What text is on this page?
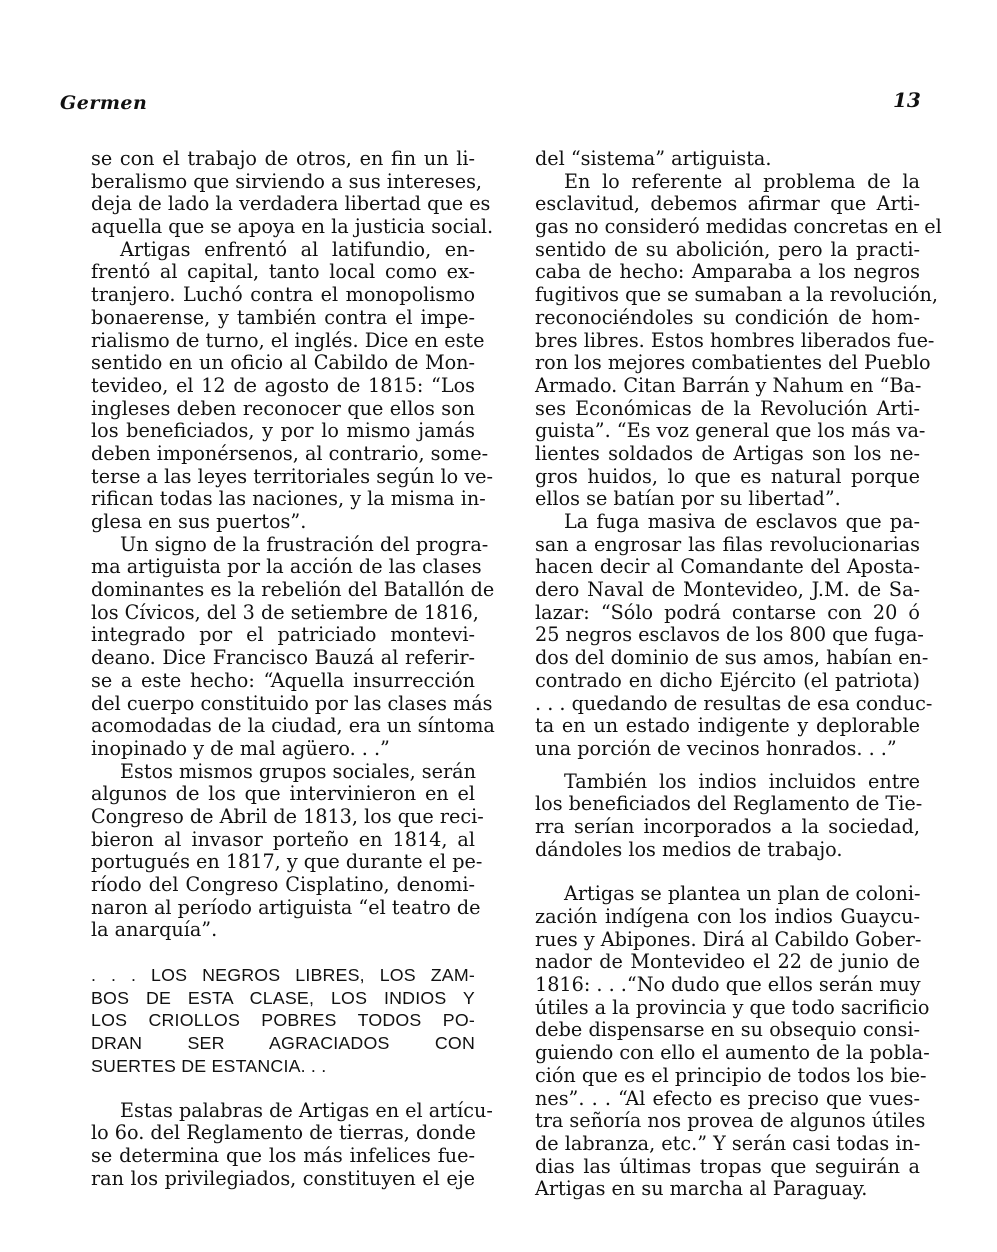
Germen	13
se con el trabajo de otros, en fin un li-
beralismo que sirviendo a sus intereses,
deja de lado la verdadera libertad que es
aquella que se apoya en la justicia social.
Artigas enfrentó al latifundio, en-
frentó al capital, tanto local como ex-
tranjero. Luchó contra el monopolismo
bonaerense, y también contra el impe-
rialismo de turno, el inglés. Dice en este
sentido en un oficio al Cabildo de Mon-
tevideo, el 12 de agosto de 1815: “Los
ingleses deben reconocer que ellos son
los beneficiados, y por lo mismo jamás
deben imponérsenos, al contrario, some-
terse a las leyes territoriales según lo ve-
rifican todas las naciones, y la misma in-
glesa en sus puertos”.
Un signo de la frustración del progra-
ma artiguista por la acción de las clases
dominantes es la rebelión del Batallón de
los Cívicos, del 3 de setiembre de 1816,
integrado por el patriciado montevi-
deano. Dice Francisco Bauzá al referir-
se a este hecho: “Aquella insurrección
del cuerpo constituido por las clases más
acomodadas de la ciudad, era un síntoma
inopinado y de mal agüero. . .”
Estos mismos grupos sociales, serán
algunos de los que intervinieron en el
Congreso de Abril de 1813, los que reci-
bieron al invasor porteño en 1814, al
portugués en 1817, y que durante el pe-
ríodo del Congreso Cisplatino, denomi-
naron al período artiguista “el teatro de
la anarquía”.
. . . LOS NEGROS LIBRES, LOS ZAM-
BOS DE ESTA CLASE, LOS INDIOS Y
LOS CRIOLLOS POBRES TODOS PO-
DRAN SER AGRACIADOS CON
SUERTES DE ESTANCIA. . .
Estas palabras de Artigas en el artícu-
lo 6o. del Reglamento de tierras, donde
se determina que los más infelices fue-
ran los privilegiados, constituyen el eje
del “sistema” artiguista.
En lo referente al problema de la
esclavitud, debemos afirmar que Arti-
gas no consideró medidas concretas en el
sentido de su abolición, pero la practi-
caba de hecho: Amparaba a los negros
fugitivos que se sumaban a la revolución,
reconociéndoles su condición de hom-
bres libres. Estos hombres liberados fue-
ron los mejores combatientes del Pueblo
Armado. Citan Barrán y Nahum en “Ba-
ses Económicas de la Revolución Arti-
guista”. “Es voz general que los más va-
lientes soldados de Artigas son los ne-
gros huidos, lo que es natural porque
ellos se batían por su libertad”.
La fuga masiva de esclavos que pa-
san a engrosar las filas revolucionarias
hacen decir al Comandante del Aposta-
dero Naval de Montevideo, J.M. de Sa-
lazar: “Sólo podrá contarse con 20 ó
25 negros esclavos de los 800 que fuga-
dos del dominio de sus amos, habían en-
contrado en dicho Ejército (el patriota)
. . . quedando de resultas de esa conduc-
ta en un estado indigente y deplorable
una porción de vecinos honrados. . .”
También los indios incluidos entre
los beneficiados del Reglamento de Tie-
rra serían incorporados a la sociedad,
dándoles los medios de trabajo.
Artigas se plantea un plan de coloni-
zación indígena con los indios Guaycu-
rues y Abipones. Dirá al Cabildo Gober-
nador de Montevideo el 22 de junio de
1816: . . .“No dudo que ellos serán muy
útiles a la provincia y que todo sacrificio
debe dispensarse en su obsequio consi-
guiendo con ello el aumento de la pobla-
ción que es el principio de todos los bie-
nes”. . . “Al efecto es preciso que vues-
tra señoría nos provea de algunos útiles
de labranza, etc.” Y serán casi todas in-
dias las últimas tropas que seguirán a
Artigas en su marcha al Paraguay.
